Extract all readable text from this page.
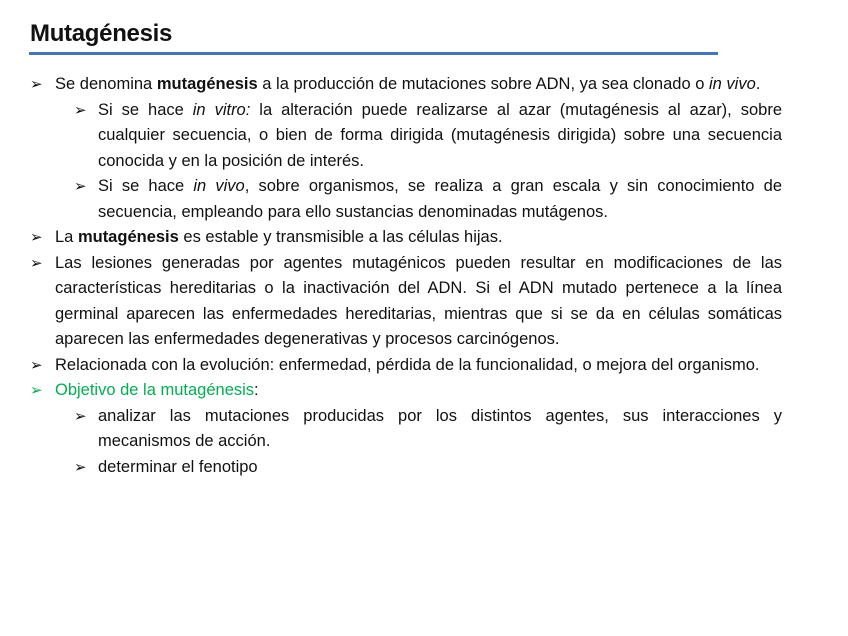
Mutagénesis
➢ Se denomina mutagénesis a la producción de mutaciones sobre ADN, ya sea clonado o in vivo.
➢ Si se hace in vitro: la alteración puede realizarse al azar (mutagénesis al azar), sobre cualquier secuencia, o bien de forma dirigida (mutagénesis dirigida) sobre una secuencia conocida y en la posición de interés.
➢ Si se hace in vivo, sobre organismos, se realiza a gran escala y sin conocimiento de secuencia, empleando para ello sustancias denominadas mutágenos.
➢ La mutagénesis es estable y transmisible a las células hijas.
➢ Las lesiones generadas por agentes mutagénicos pueden resultar en modificaciones de las características hereditarias o la inactivación del ADN. Si el ADN mutado pertenece a la línea germinal aparecen las enfermedades hereditarias, mientras que si se da en células somáticas aparecen las enfermedades degenerativas y procesos carcinógenos.
➢ Relacionada con la evolución: enfermedad, pérdida de la funcionalidad, o mejora del organismo.
➢ Objetivo de la mutagénesis:
➢ analizar las mutaciones producidas por los distintos agentes, sus interacciones y mecanismos de acción.
➢ determinar el fenotipo
